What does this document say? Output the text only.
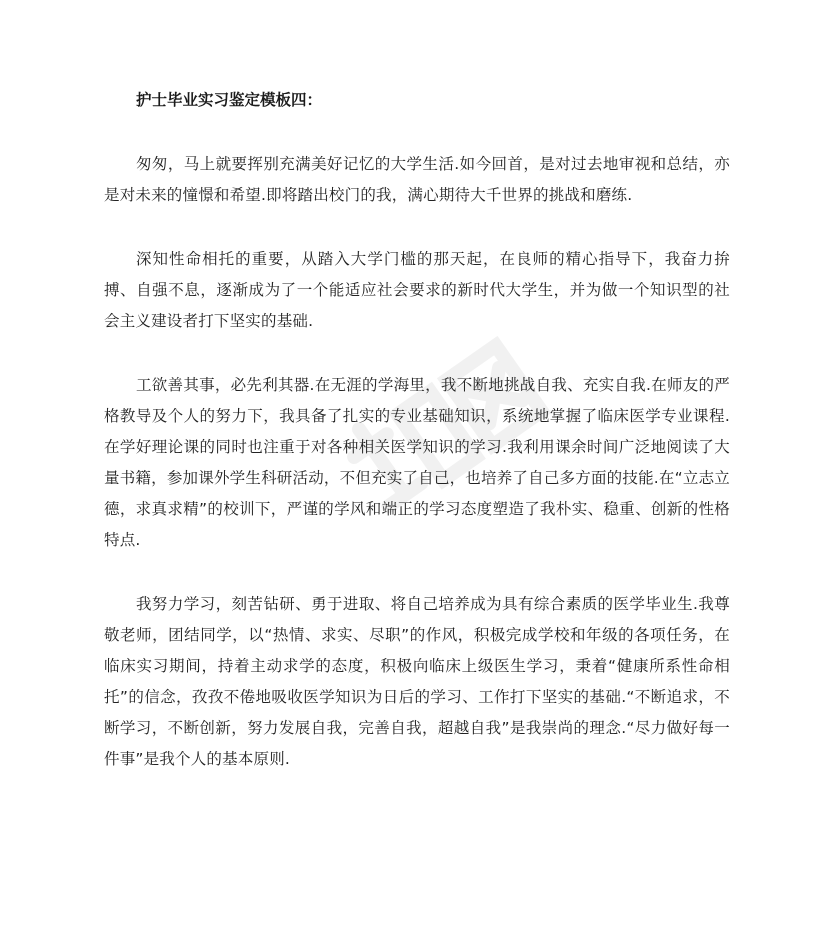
护士毕业实习鉴定模板四：

匆匆，马上就要挥别充满美好记忆的大学生活.如今回首，是对过去地审视和总结，亦是对未来的憧憬和希望.即将踏出校门的我，满心期待大千世界的挑战和磨练.

深知性命相托的重要，从踏入大学门槛的那天起，在良师的精心指导下，我奋力拚搏、自强不息，逐渐成为了一个能适应社会要求的新时代大学生，并为做一个知识型的社会主义建设者打下坚实的基础.

工欲善其事，必先利其器.在无涯的学海里，我不断地挑战自我、充实自我.在师友的严格教导及个人的努力下，我具备了扎实的专业基础知识，系统地掌握了临床医学专业课程.在学好理论课的同时也注重于对各种相关医学知识的学习.我利用课余时间广泛地阅读了大量书籍，参加课外学生科研活动，不但充实了自己，也培养了自己多方面的技能.在“立志立德，求真求精”的校训下，严谨的学风和端正的学习态度塑造了我朴实、稳重、创新的性格特点.

我努力学习，刻苦钻研、勇于进取、将自己培养成为具有综合素质的医学毕业生.我尊敬老师，团结同学，以“热情、求实、尽职”的作风，积极完成学校和年级的各项任务，在临床实习期间，持着主动求学的态度，积极向临床上级医生学习，秉着“健康所系性命相托”的信念，孜孜不倦地吸收医学知识为日后的学习、工作打下坚实的基础.“不断追求，不断学习，不断创新，努力发展自我，完善自我，超越自我”是我崇尚的理念.“尽力做好每一件事”是我个人的基本原则.
